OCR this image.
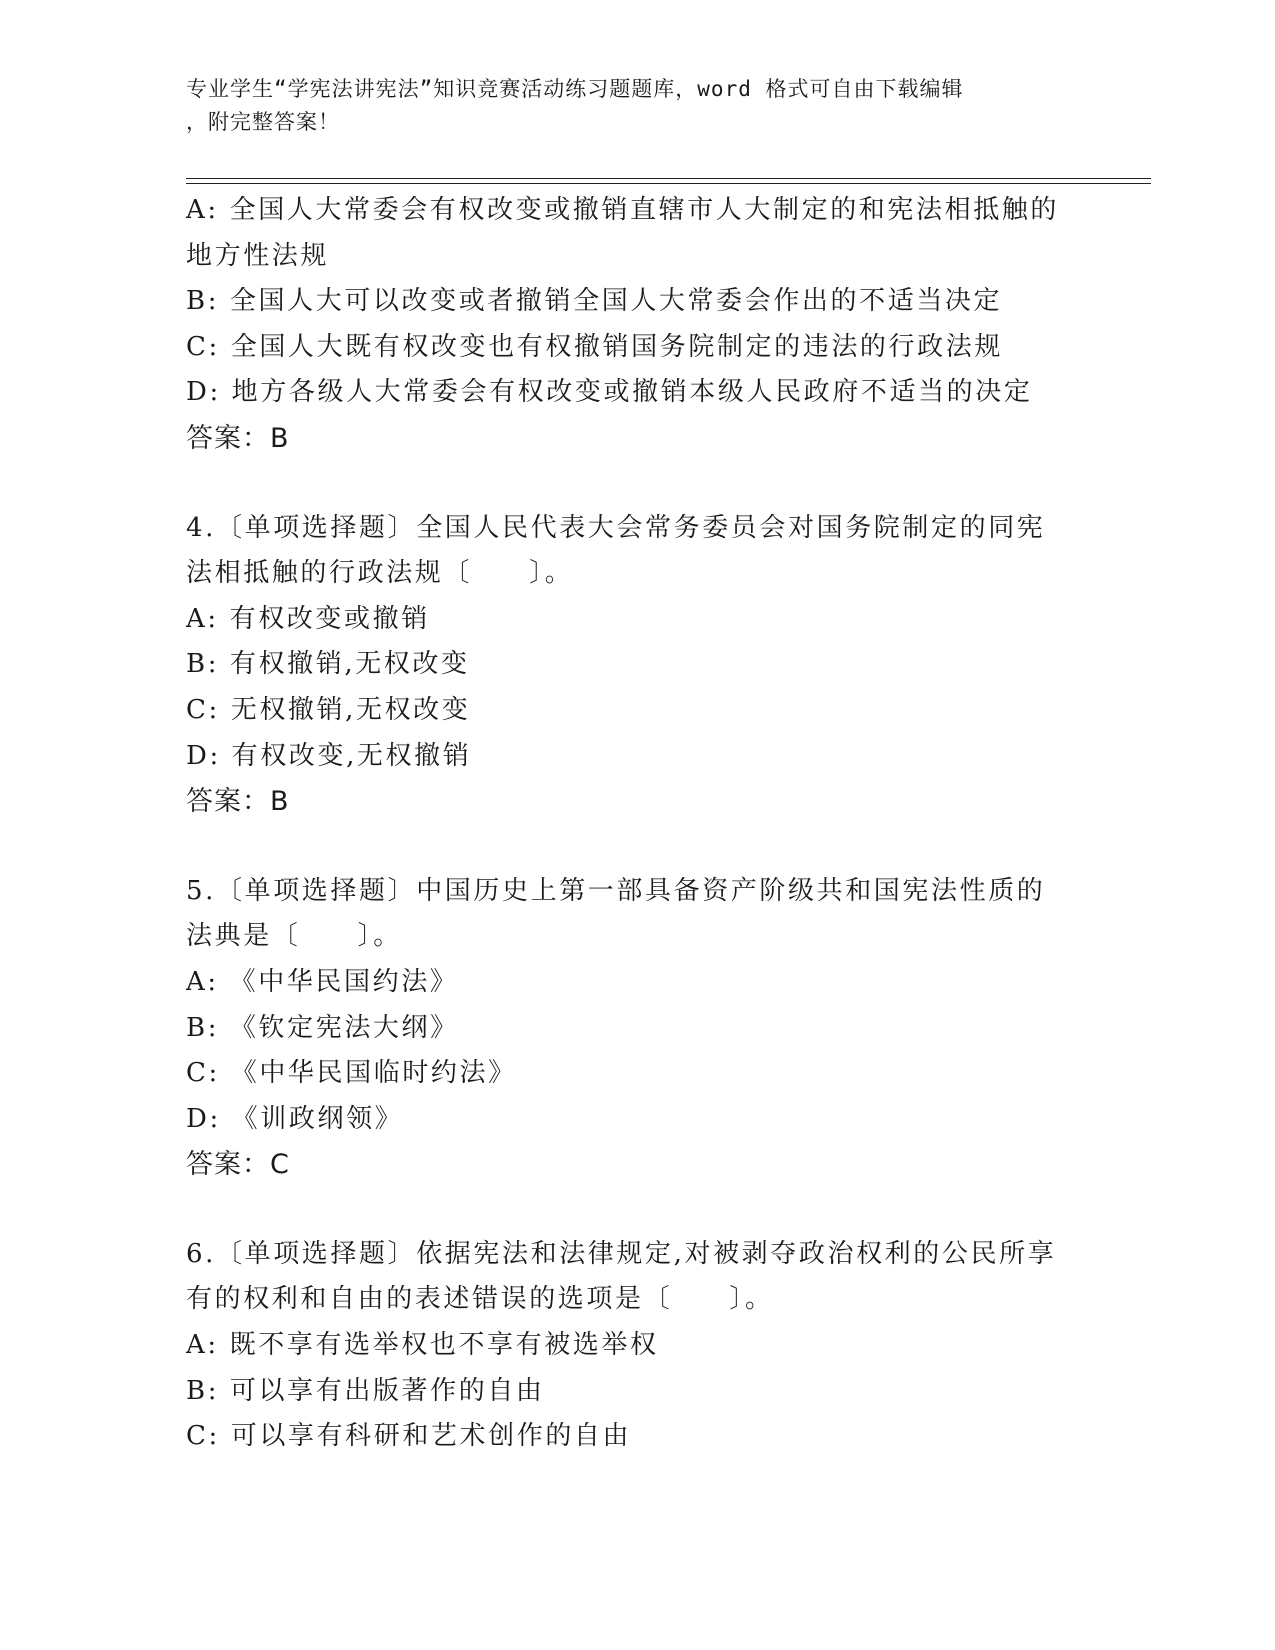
专业学生“学宪法讲宪法”知识竞赛活动练习题题库，word 格式可自由下载编辑
，附完整答案！

A: 全国人大常委会有权改变或撤销直辖市人大制定的和宪法相抵触的

地方性法规

B: 全国人大可以改变或者撤销全国人大常委会作出的不适当决定

C: 全国人大既有权改变也有权撤销国务院制定的违法的行政法规

D: 地方各级人大常委会有权改变或撤销本级人民政府不适当的决定

答案：B

4.〔单项选择题〕全国人民代表大会常务委员会对国务院制定的同宪

法相抵触的行政法规〔　　〕。

A: 有权改变或撤销

B: 有权撤销,无权改变

C: 无权撤销,无权改变

D: 有权改变,无权撤销

答案：B

5.〔单项选择题〕中国历史上第一部具备资产阶级共和国宪法性质的

法典是〔　　〕。

A: 《中华民国约法》

B: 《钦定宪法大纲》

C: 《中华民国临时约法》

D: 《训政纲领》

答案：C

6.〔单项选择题〕依据宪法和法律规定,对被剥夺政治权利的公民所享

有的权利和自由的表述错误的选项是〔　　〕。

A: 既不享有选举权也不享有被选举权

B: 可以享有出版著作的自由

C: 可以享有科研和艺术创作的自由
